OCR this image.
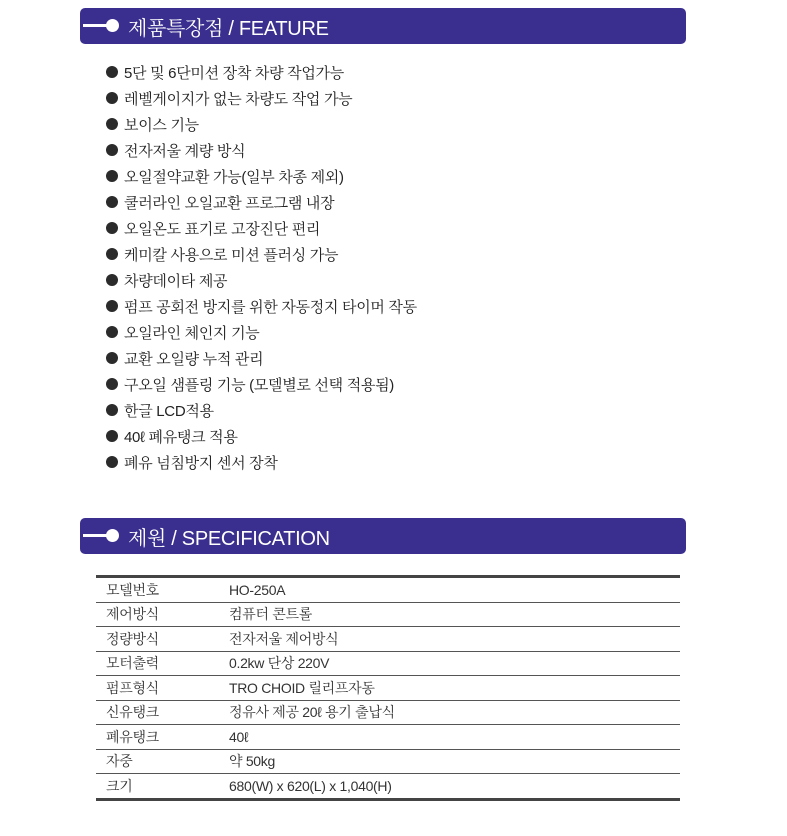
제품특장점 / FEATURE
5단 및 6단미션 장착 차량 작업가능
레벨게이지가 없는 차량도 작업 가능
보이스 기능
전자저울 계량 방식
오일절약교환 가능(일부 차종 제외)
쿨러라인 오일교환 프로그램 내장
오일온도 표기로 고장진단 편리
케미칼 사용으로 미션 플러싱 가능
차량데이타 제공
펌프 공회전 방지를 위한 자동정지 타이머 작동
오일라인 체인지 기능
교환 오일량 누적 관리
구오일 샘플링 기능 (모델별로 선택 적용됨)
한글 LCD적용
40ℓ 폐유탱크 적용
폐유 넘침방지 센서 장착
제원 / SPECIFICATION
모델번호	HO-250A
제어방식	컴퓨터 콘트롤
정량방식	전자저울 제어방식
모터출력	0.2kw 단상 220V
펌프형식	TRO CHOID 릴리프자동
신유탱크	정유사 제공 20ℓ 용기 출납식
폐유탱크	40ℓ
자중	약 50kg
크기	680(W) x 620(L) x 1,040(H)
